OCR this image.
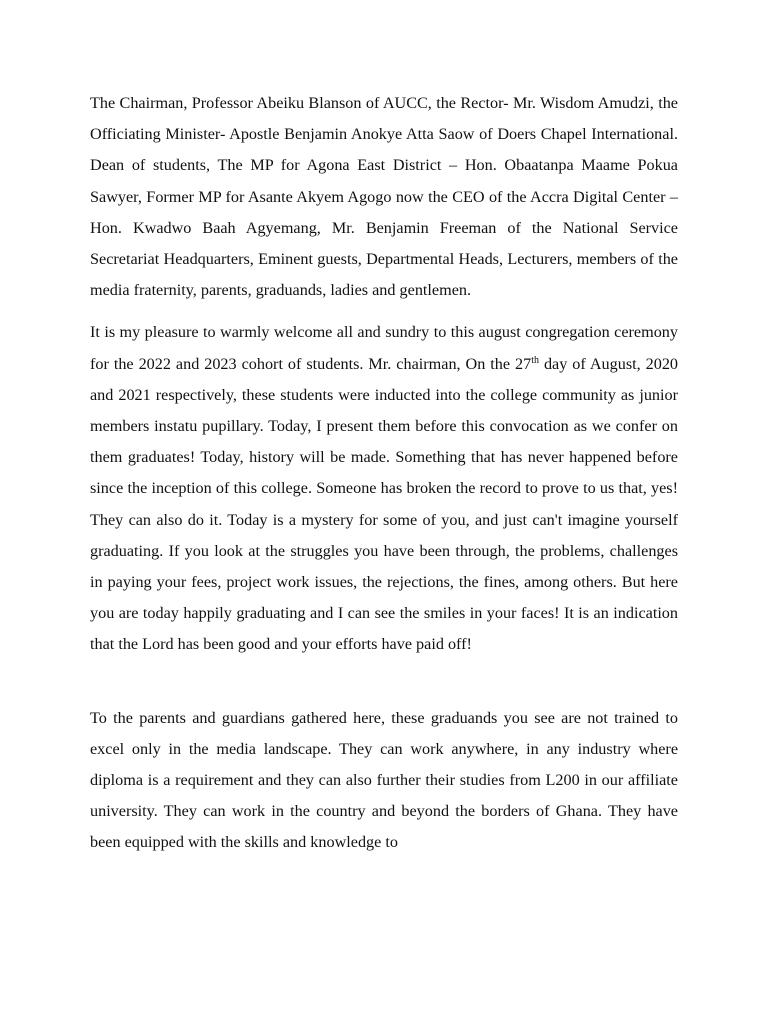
The Chairman, Professor Abeiku Blanson of AUCC, the Rector- Mr. Wisdom Amudzi, the Officiating Minister- Apostle Benjamin Anokye Atta Saow of Doers Chapel International. Dean of students, The MP for Agona East District – Hon. Obaatanpa Maame Pokua Sawyer, Former MP for Asante Akyem Agogo now the CEO of the Accra Digital Center – Hon. Kwadwo Baah Agyemang, Mr. Benjamin Freeman of the National Service Secretariat Headquarters, Eminent guests, Departmental Heads, Lecturers, members of the media fraternity, parents, graduands, ladies and gentlemen.

It is my pleasure to warmly welcome all and sundry to this august congregation ceremony for the 2022 and 2023 cohort of students. Mr. chairman, On the 27th day of August, 2020 and 2021 respectively, these students were inducted into the college community as junior members instatu pupillary. Today, I present them before this convocation as we confer on them graduates! Today, history will be made. Something that has never happened before since the inception of this college. Someone has broken the record to prove to us that, yes! They can also do it. Today is a mystery for some of you, and just can't imagine yourself graduating. If you look at the struggles you have been through, the problems, challenges in paying your fees, project work issues, the rejections, the fines, among others. But here you are today happily graduating and I can see the smiles in your faces! It is an indication that the Lord has been good and your efforts have paid off!

To the parents and guardians gathered here, these graduands you see are not trained to excel only in the media landscape. They can work anywhere, in any industry where diploma is a requirement and they can also further their studies from L200 in our affiliate university. They can work in the country and beyond the borders of Ghana. They have been equipped with the skills and knowledge to
